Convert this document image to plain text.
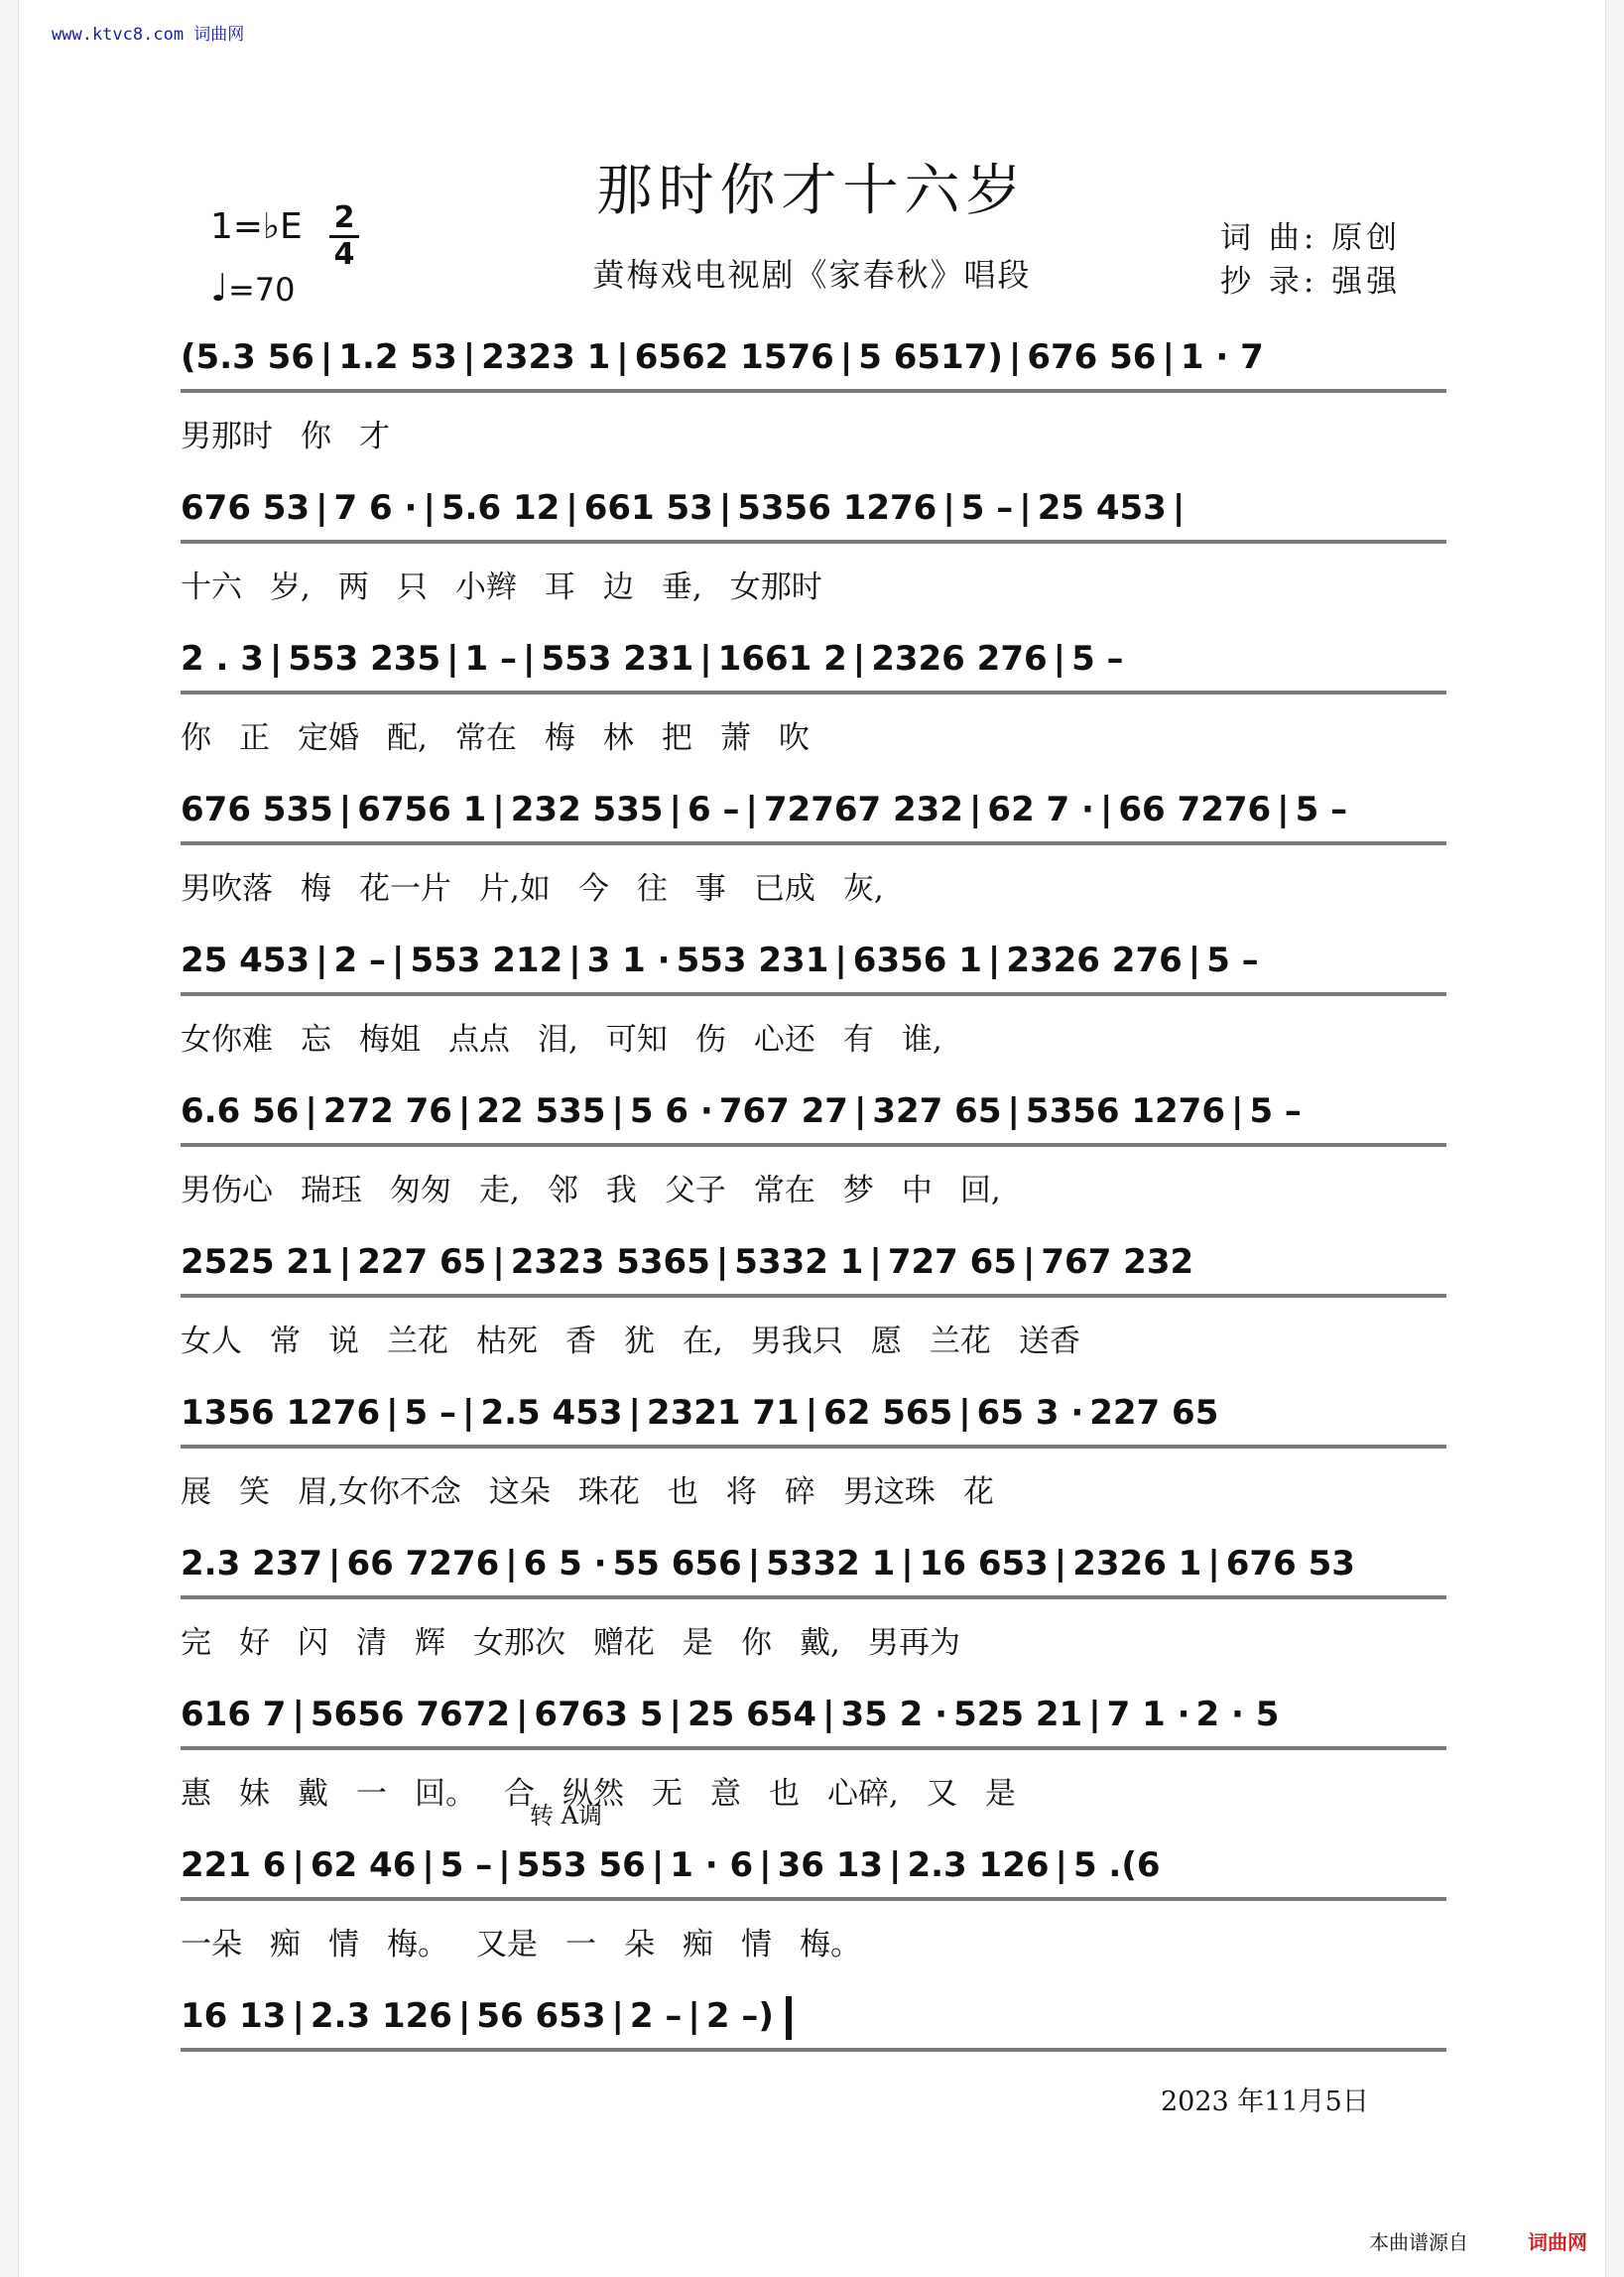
www.ktvc8.com 词曲网
那时你才十六岁
1=♭E 2
4
♩=70	黄梅戏电视剧《家春秋》唱段
词 曲: 原创
抄 录: 强强
(5.3 56 | 1.2 53 | 2323 1 | 6562 1576 | 5 6517) | 676 56 | 1 · 7
男那时 你 才
676 53 | 7 6 · | 5.6 12 | 661 53 | 5356 1276 | 5 – | 25 453 |
十六 岁, 两 只 小辫 耳 边 垂, 女那时
2 . 3 | 553 235 | 1 – | 553 231 | 1661 2 | 2326 276 | 5 –
你 正 定婚 配, 常在 梅 林 把 萧 吹
676 535 | 6756 1 | 232 535 | 6 – | 72767 232 | 62 7 · | 66 7276 | 5 –
男吹落 梅 花一片 片,如 今 往 事 已成 灰,
25 453 | 2 – | 553 212 | 3 1 · 553 231 | 6356 1 | 2326 276 | 5 –
女你难 忘 梅姐 点点 泪, 可知 伤 心还 有 谁,
6.6 56 | 272 76 | 22 535 | 5 6 · 767 27 | 327 65 | 5356 1276 | 5 –
男伤心 瑞珏 匆匆 走, 邻 我 父子 常在 梦 中 回,
2525 21 | 227 65 | 2323 5365 | 5332 1 | 727 65 | 767 232
女人 常 说 兰花 枯死 香 犹 在, 男我只 愿 兰花 送香
1356 1276 | 5 – | 2.5 453 | 2321 71 | 62 565 | 65 3 · 227 65
展 笑 眉,女你不念 这朵 珠花 也 将 碎 男这珠 花
2.3 237 | 66 7276 | 6 5 · 55 656 | 5332 1 | 16 653 | 2326 1 | 676 53
完 好 闪 清 辉 女那次 赠花 是 你 戴, 男再为
616 7 | 5656 7672 | 6763 5 | 25 654 | 35 2 · 525 21 | 7 1 · 2 · 5
惠 妹 戴 一 回。 合 纵然 无 意 也 心碎, 又 是
转 A调
221 6 | 62 46 | 5 – | 553 56 | 1 · 6 | 36 13 | 2.3 126 | 5 .(6
一朵 痴 情 梅。 又是 一 朵 痴 情 梅。
16 13 | 2.3 126 | 56 653 | 2 – | 2 –)
2023 年11月5日
本曲谱源自	词曲网
